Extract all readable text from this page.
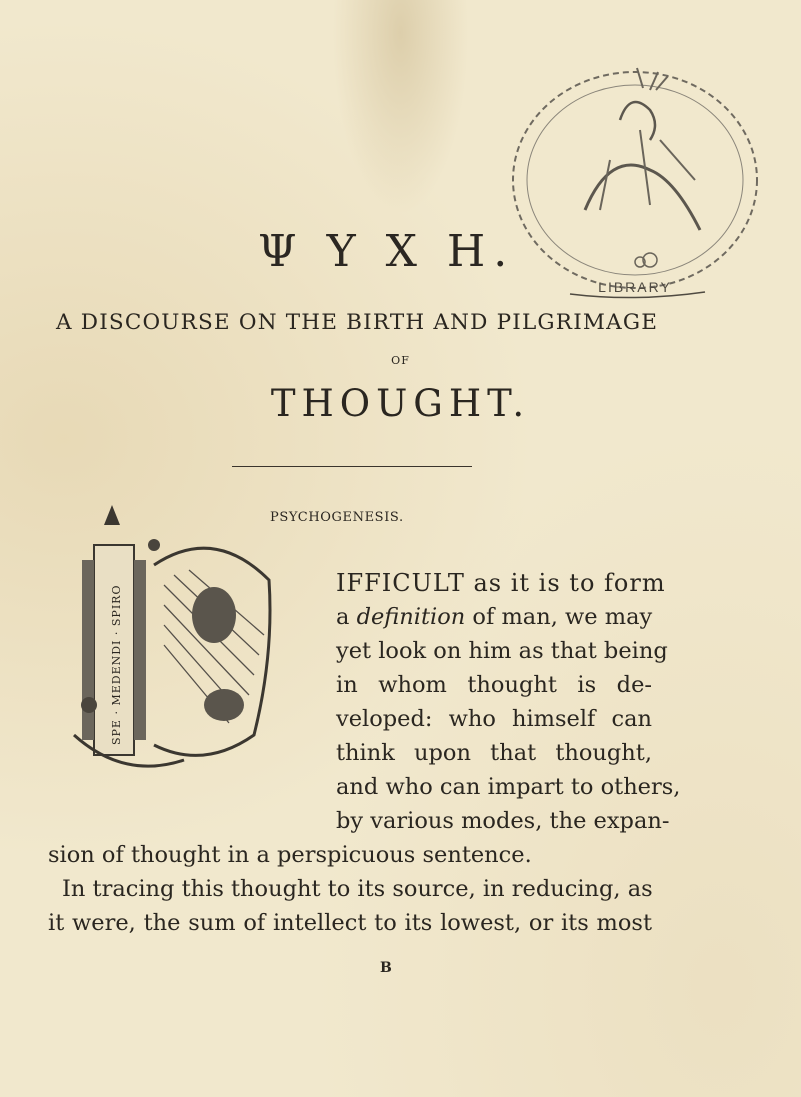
LIBRARY
Ψ Υ Χ Η.
A DISCOURSE ON THE BIRTH AND PILGRIMAGE
OF
THOUGHT.
PSYCHOGENESIS.
SPE · MEDENDI · SPIRO
IFFICULT as it is to form
a definition of man, we may
yet look on him as that being
in whom thought is de-
veloped: who himself can
think upon that thought,
and who can impart to others,
by various modes, the expan-
sion of thought in a perspicuous sentence.
In tracing this thought to its source, in reducing, as
it were, the sum of intellect to its lowest, or its most
B
